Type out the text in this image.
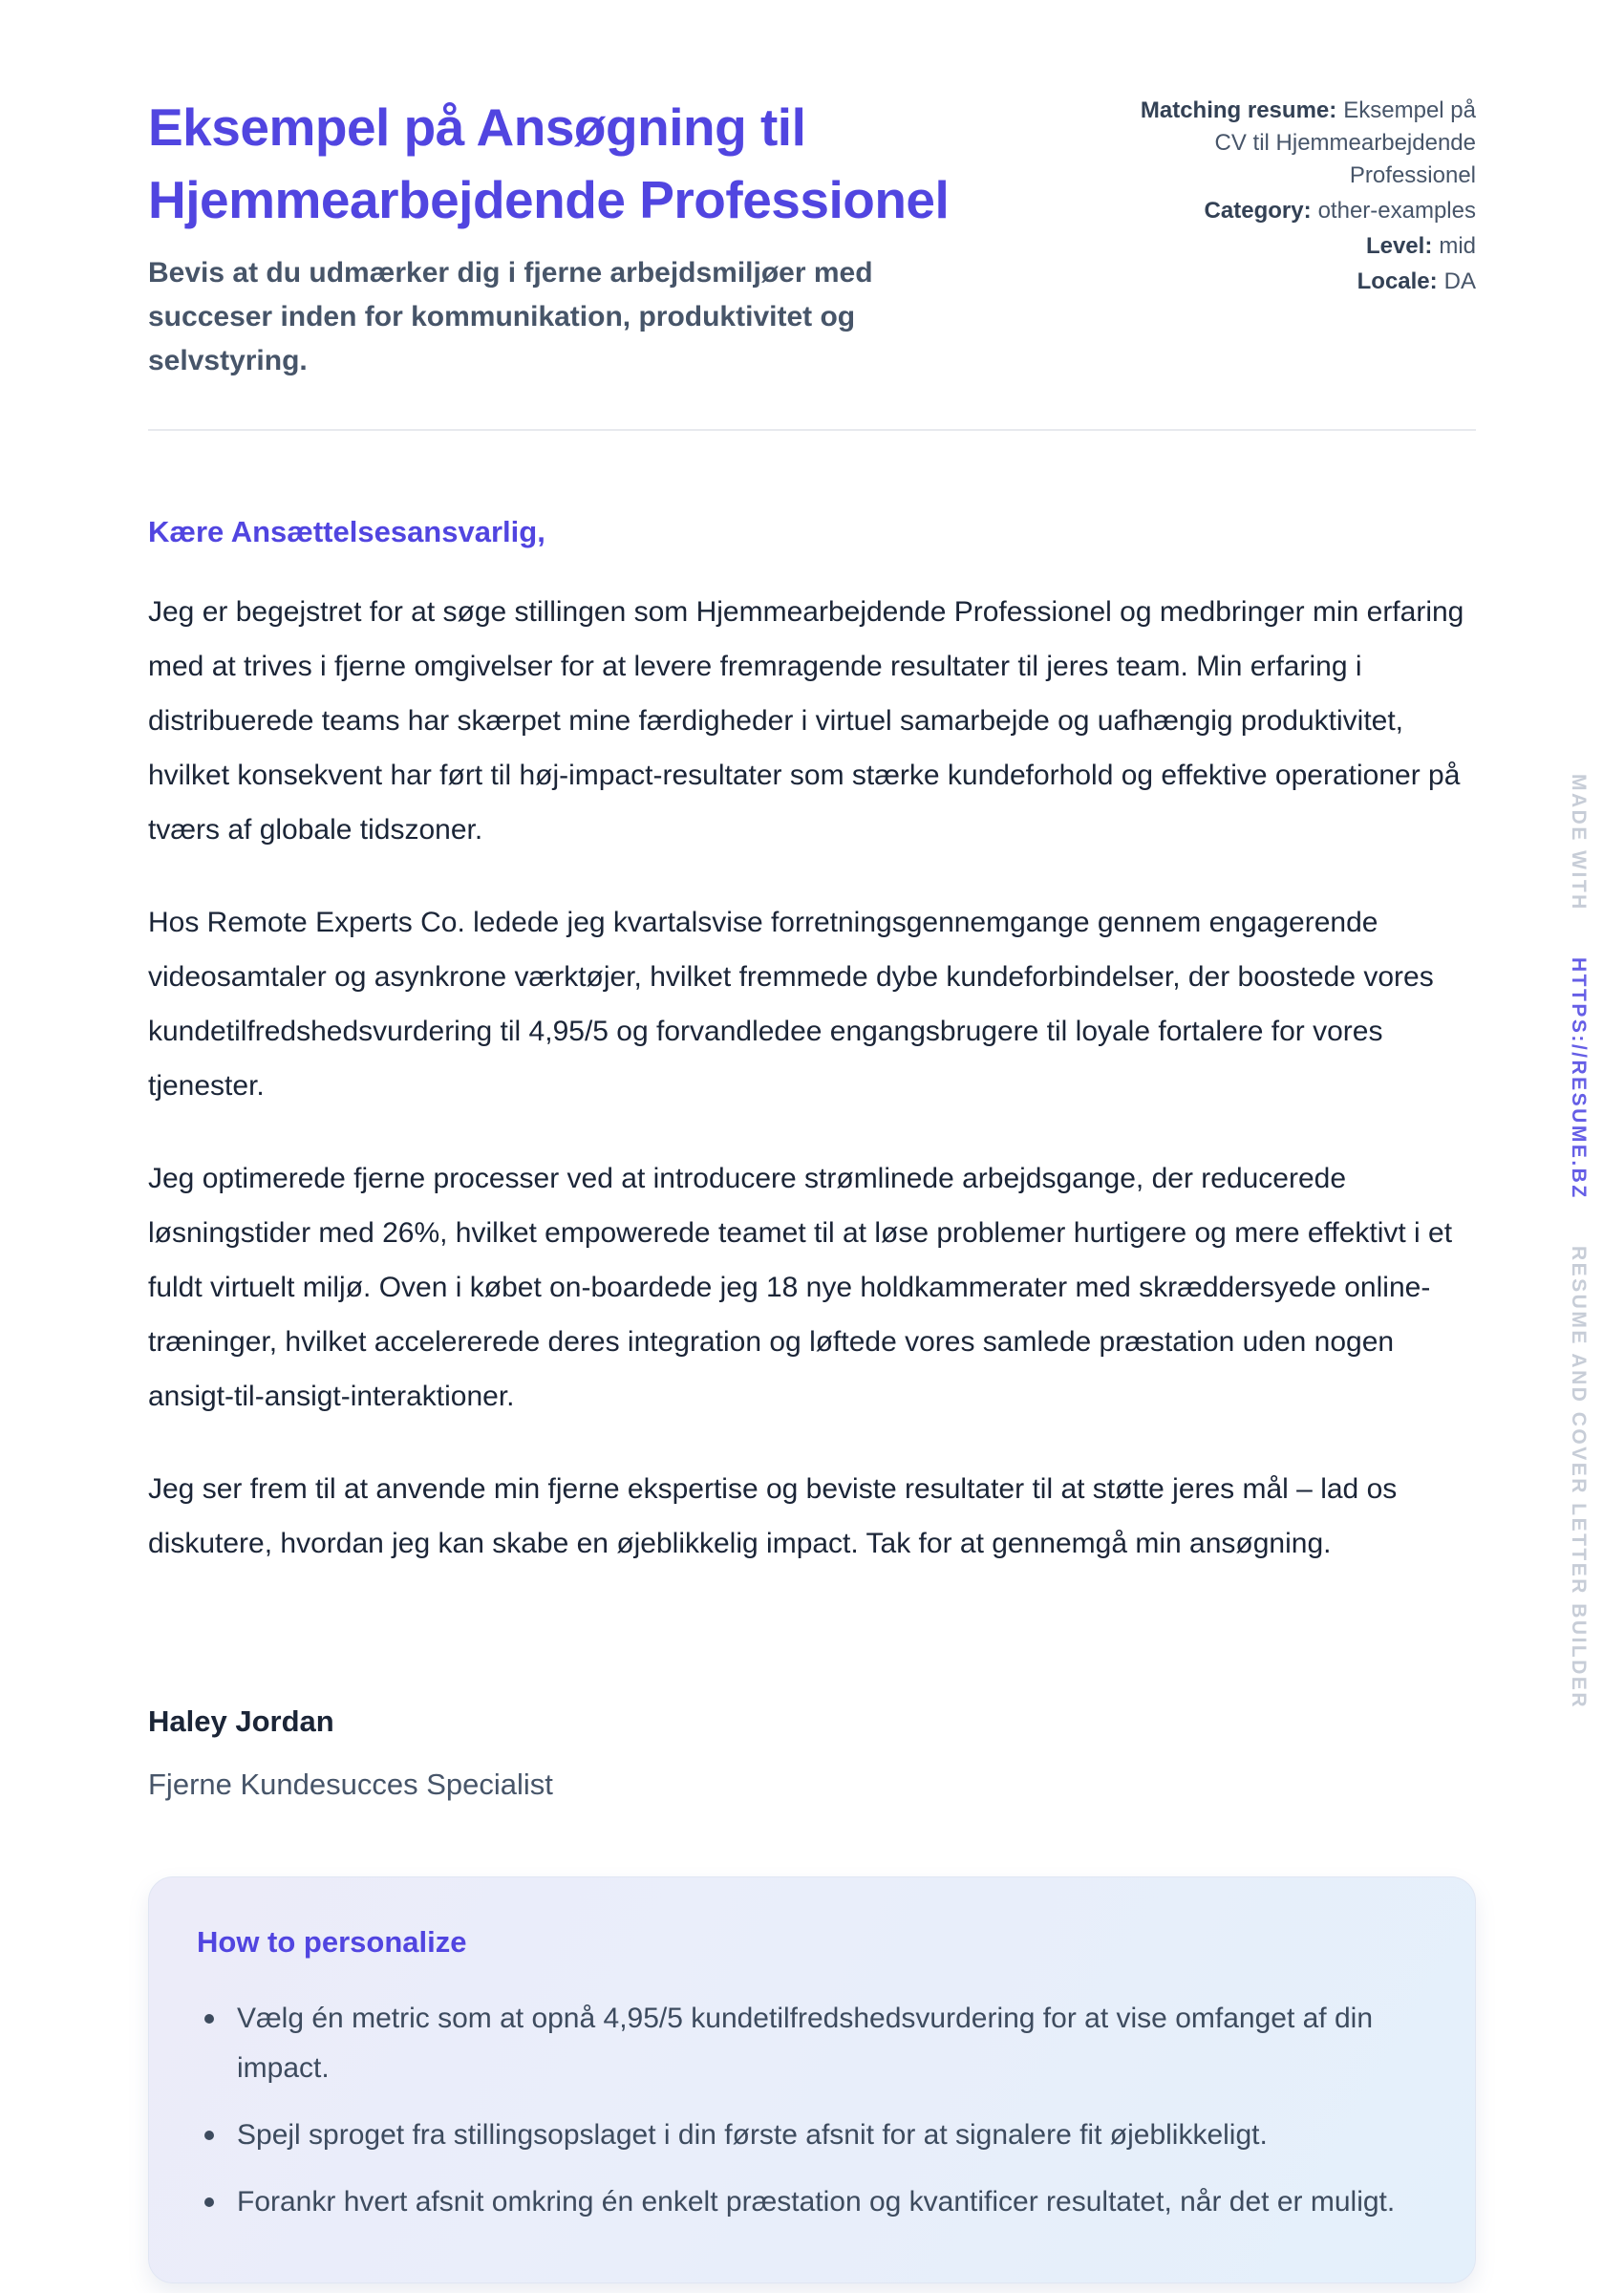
Eksempel på Ansøgning til Hjemmearbejdende Professionel
Bevis at du udmærker dig i fjerne arbejdsmiljøer med succeser inden for kommunikation, produktivitet og selvstyring.
Matching resume: Eksempel på CV til Hjemmearbejdende Professionel
Category: other-examples
Level: mid
Locale: DA
Kære Ansættelsesansvarlig,

Jeg er begejstret for at søge stillingen som Hjemmearbejdende Professionel og medbringer min erfaring med at trives i fjerne omgivelser for at levere fremragende resultater til jeres team. Min erfaring i distribuerede teams har skærpet mine færdigheder i virtuel samarbejde og uafhængig produktivitet, hvilket konsekvent har ført til høj-impact-resultater som stærke kundeforhold og effektive operationer på tværs af globale tidszoner.

Hos Remote Experts Co. ledede jeg kvartalsvise forretningsgennemgange gennem engagerende videosamtaler og asynkrone værktøjer, hvilket fremmede dybe kundeforbindelser, der boostede vores kundetilfredshedsvurdering til 4,95/5 og forvandledee engangsbrugere til loyale fortalere for vores tjenester.

Jeg optimerede fjerne processer ved at introducere strømlinede arbejdsgange, der reducerede løsningstider med 26%, hvilket empowerede teamet til at løse problemer hurtigere og mere effektivt i et fuldt virtuelt miljø. Oven i købet on-boardede jeg 18 nye holdkammerater med skræddersyede online-træninger, hvilket accelererede deres integration og løftede vores samlede præstation uden nogen ansigt-til-ansigt-interaktioner.

Jeg ser frem til at anvende min fjerne ekspertise og beviste resultater til at støtte jeres mål – lad os diskutere, hvordan jeg kan skabe en øjeblikkelig impact. Tak for at gennemgå min ansøgning.

Haley Jordan
Fjerne Kundesucces Specialist
How to personalize
Vælg én metric som at opnå 4,95/5 kundetilfredshedsvurdering for at vise omfanget af din impact.
Spejl sproget fra stillingsopslaget i din første afsnit for at signalere fit øjeblikkeligt.
Forankr hvert afsnit omkring én enkelt præstation og kvantificer resultatet, når det er muligt.
MADE WITH HTTPS://RESUME.BZ RESUME AND COVER LETTER BUILDER
